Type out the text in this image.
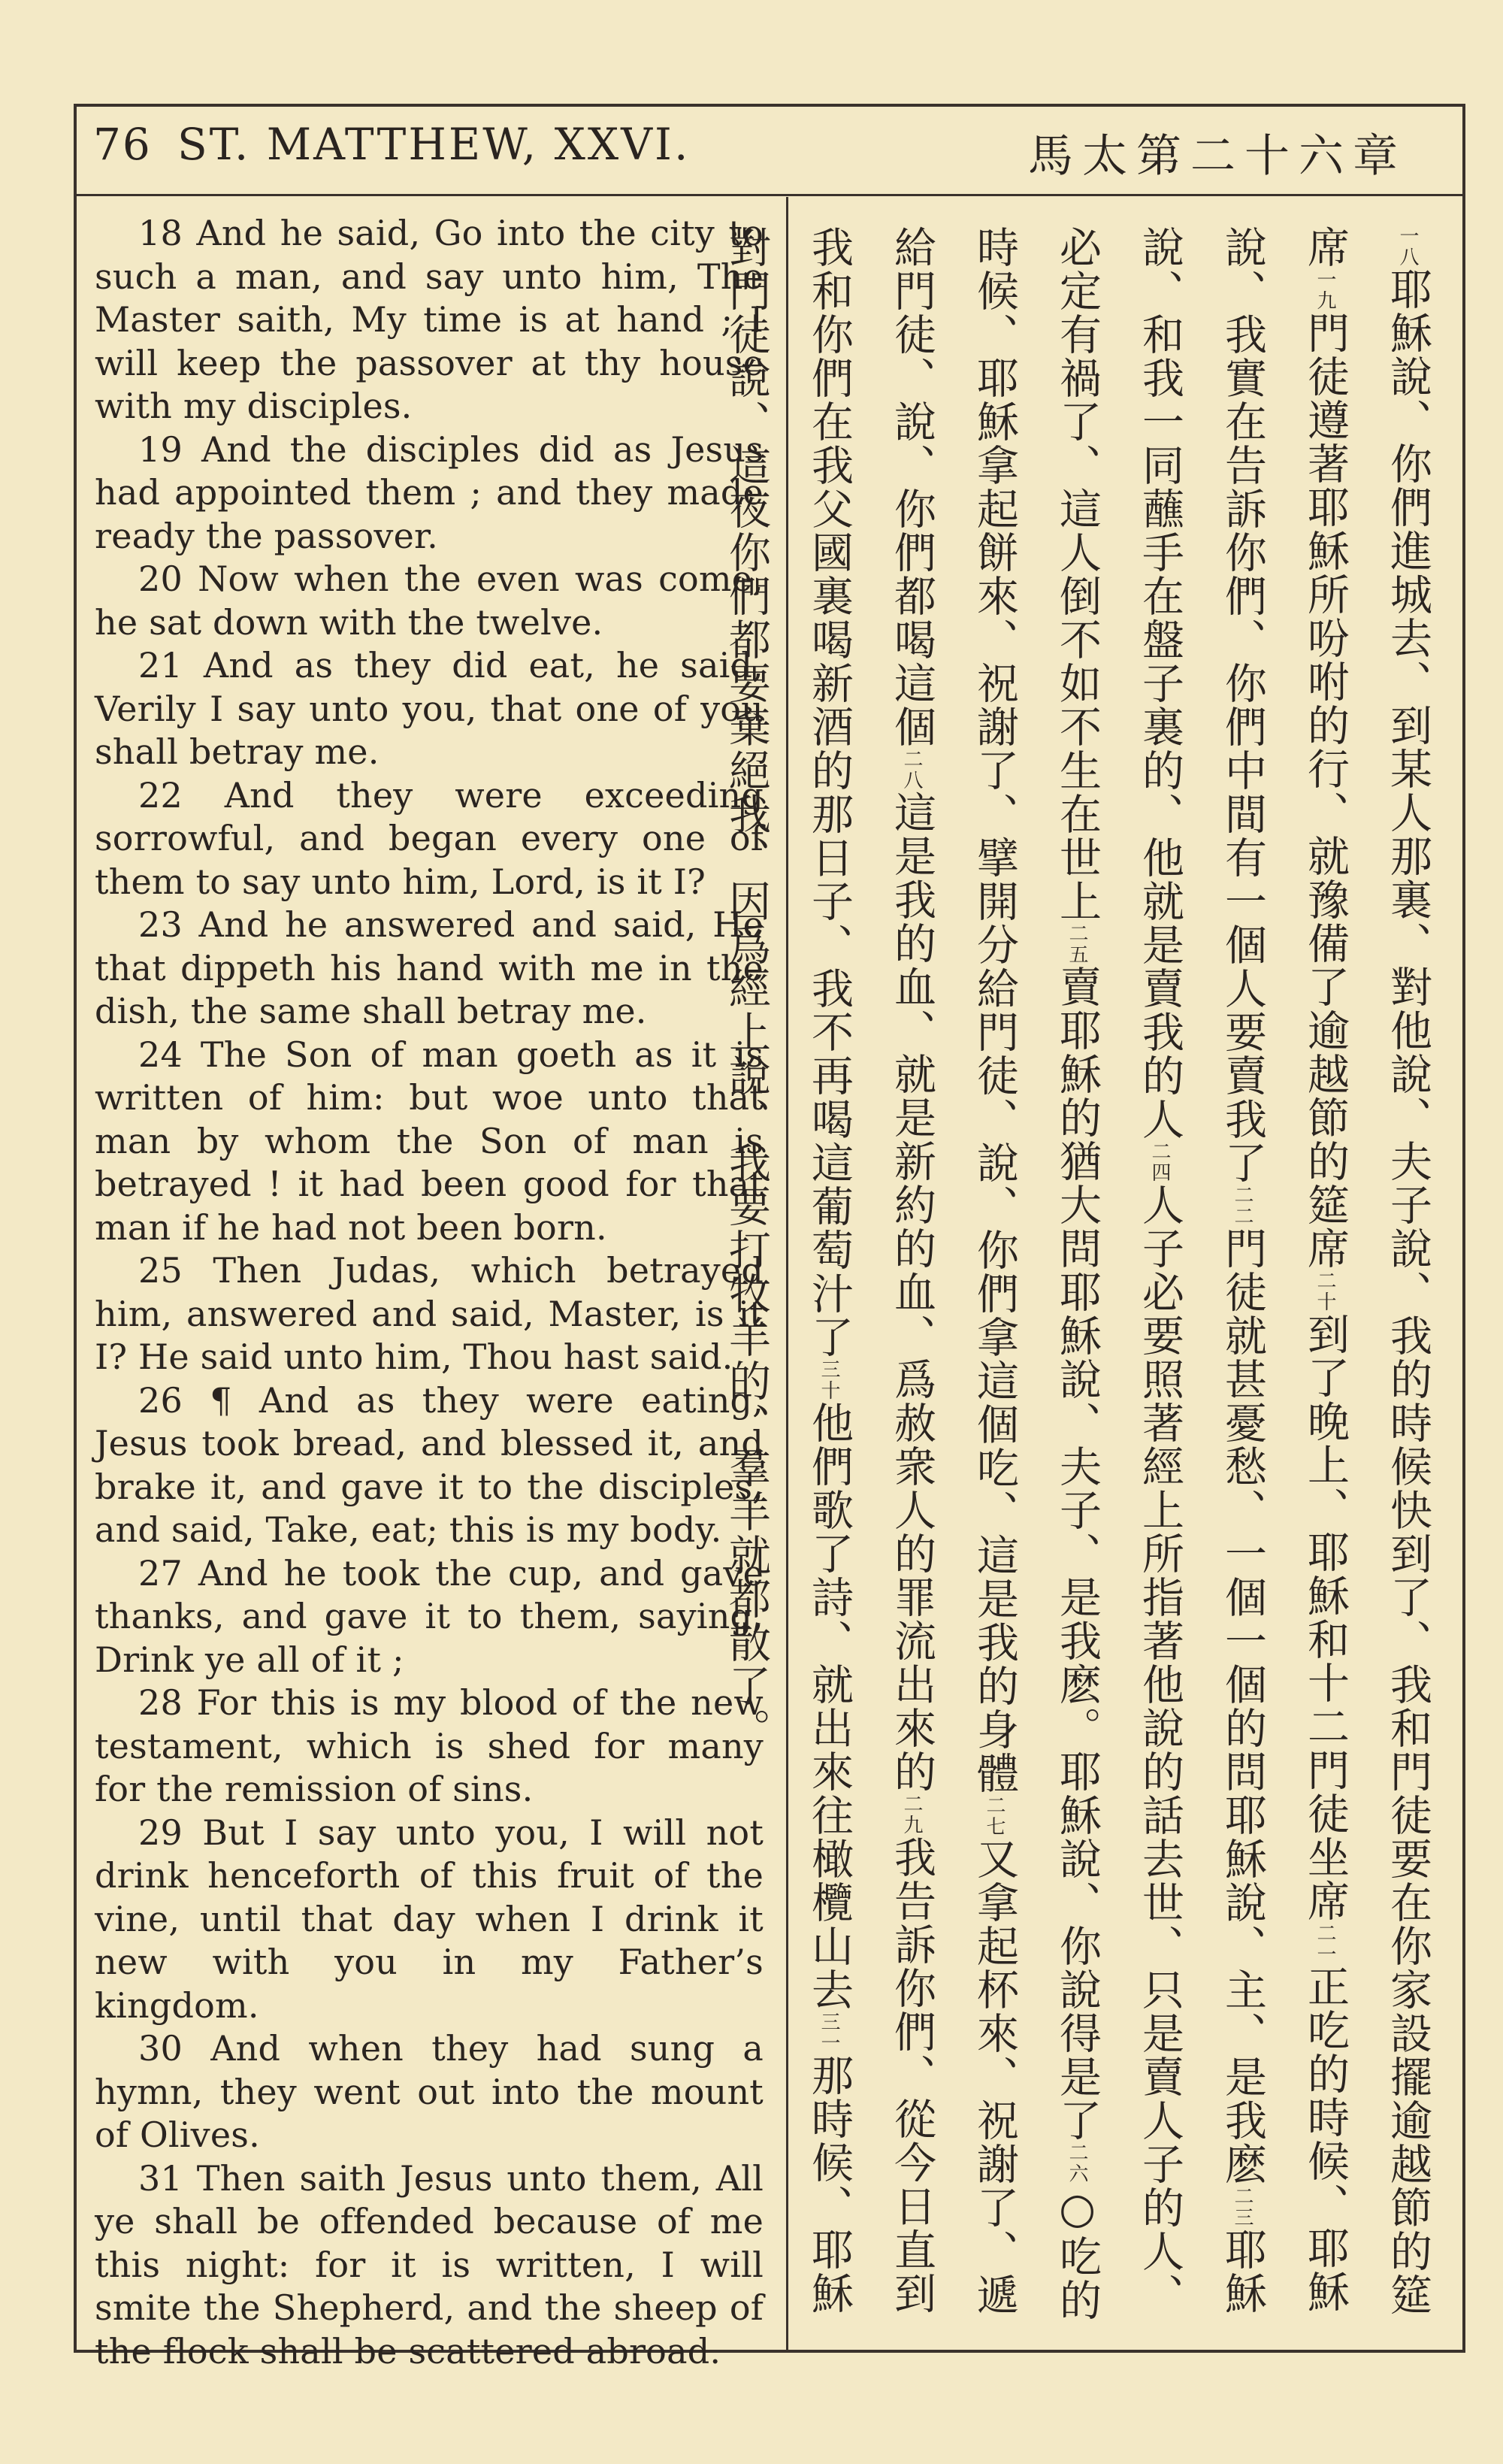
76 ST. MATTHEW, XXVI.	馬太第二十六章

18 And he said, Go into the city to such a man, and say unto him, The Master saith, My time is at hand ; I will keep the passover at thy house with my disciples.

19 And the disciples did as Jesus had appointed them ; and they made ready the passover.

20 Now when the even was come, he sat down with the twelve.

21 And as they did eat, he said, Verily I say unto you, that one of you shall betray me.

22 And they were exceeding sorrowful, and began every one of them to say unto him, Lord, is it I?

23 And he answered and said, He that dippeth his hand with me in the dish, the same shall betray me.

24 The Son of man goeth as it is written of him: but woe unto that man by whom the Son of man is betrayed ! it had been good for that man if he had not been born.

25 Then Judas, which betrayed him, answered and said, Master, is it I? He said unto him, Thou hast said.

26 ¶ And as they were eating, Jesus took bread, and blessed it, and brake it, and gave it to the disciples, and said, Take, eat; this is my body.

27 And he took the cup, and gave thanks, and gave it to them, saying, Drink ye all of it ;

28 For this is my blood of the new testament, which is shed for many for the remission of sins.

29 But I say unto you, I will not drink henceforth of this fruit of the vine, until that day when I drink it new with you in my Father’s kingdom.

30 And when they had sung a hymn, they went out into the mount of Olives.

31 Then saith Jesus unto them, All ye shall be offended because of me this night: for it is written, I will smite the Shepherd, and the sheep of the flock shall be scattered abroad.

一八耶穌說、你們進城去、到某人那裏、對他說、夫子說、我的時候快到了、我和門徒要在你家設擺逾越節的筵席一九門徒遵著耶穌所吩咐的行、就豫備了逾越節的筵席二十到了晚上、耶穌和十二門徒坐席二一正吃的時候、耶穌說、我實在告訴你們、你們中間有一個人要賣我了二二門徒就甚憂愁、一個一個的問耶穌說、主、是我麽二三耶穌說、和我一同蘸手在盤子裏的、他就是賣我的人二四人子必要照著經上所指著他說的話去世、只是賣人子的人、必定有禍了、這人倒不如不生在世上二五賣耶穌的猶大問耶穌說、夫子、是我麽。耶穌說、你說得是了二六○吃的時候、耶穌拿起餅來、祝謝了、擘開分給門徒、說、你們拿這個吃、這是我的身體二七又拿起杯來、祝謝了、遞給門徒、說、你們都喝這個二八這是我的血、就是新約的血、爲赦衆人的罪流出來的二九我告訴你們、從今日直到我和你們在我父國裏喝新酒的那日子、我不再喝這葡萄汁了三十他們歌了詩、就出來往橄欖山去三一那時候、耶穌對門徒說、這夜你們都要棄絕我、因爲經上說、我要打牧羊的、羣羊就都散了。
